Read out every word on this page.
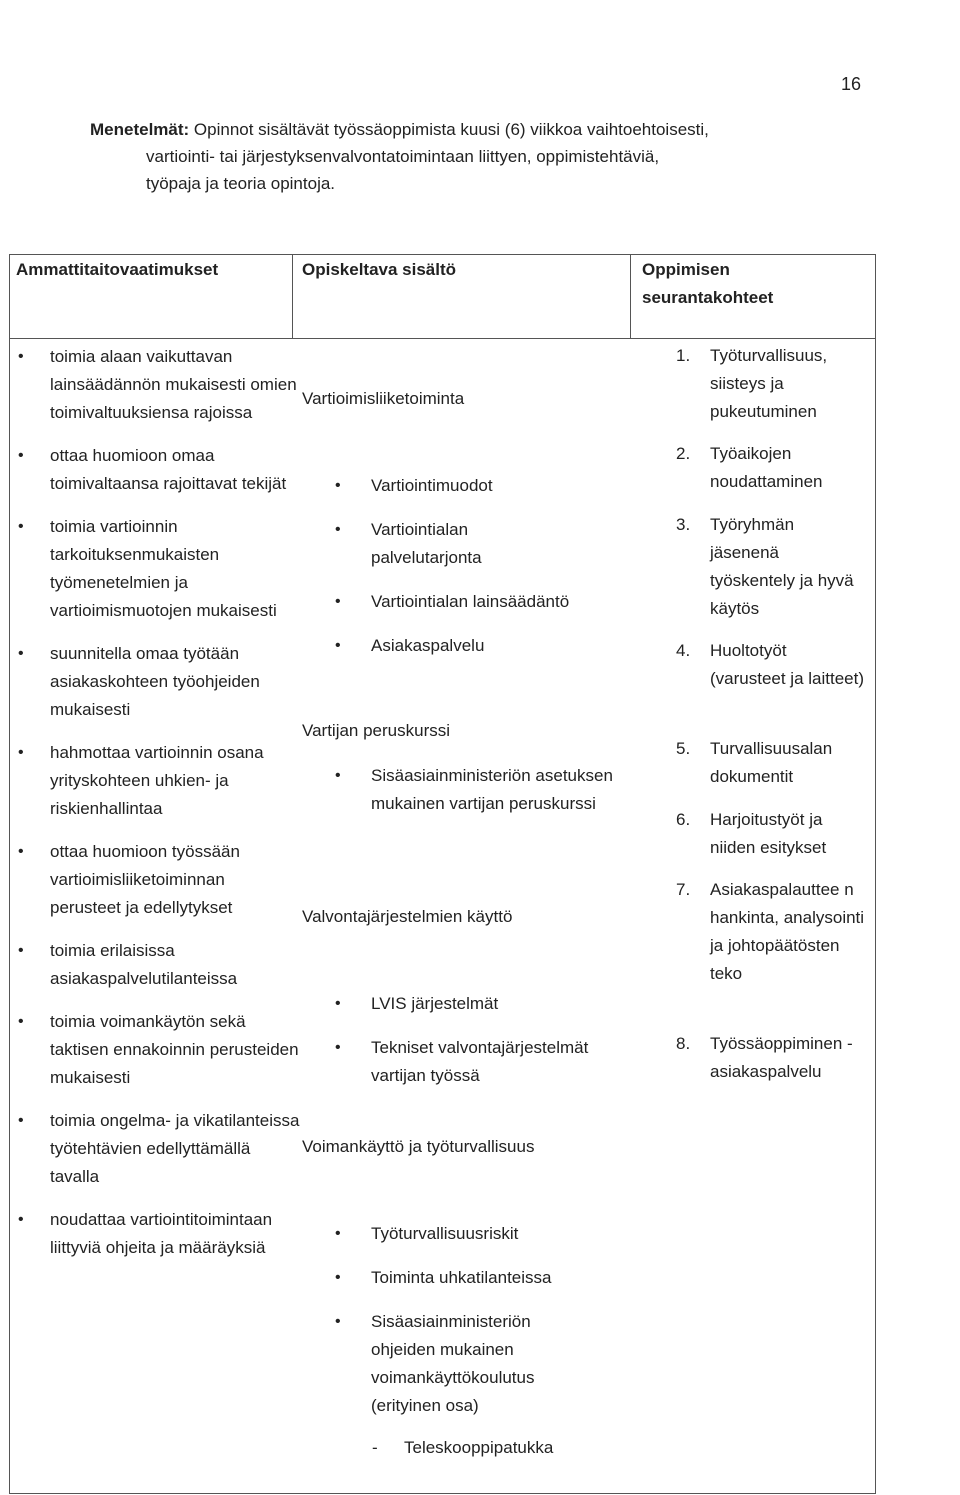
16
Menetelmät: Opinnot sisältävät työssäoppimista kuusi (6) viikkoa vaihtoehtoisesti,
vartiointi- tai järjestyksenvalvontatoimintaan liittyen, oppimistehtäviä,
työpaja ja teoria opintoja.
Ammattitaitovaatimukset	Opiskeltava sisältö	Oppimisen
seurantakohteet
• toimia alaan vaikuttavan lainsäädännön mukaisesti omien toimivaltuuksiensa rajoissa
• ottaa huomioon omaa toimivaltaansa rajoittavat tekijät
• toimia vartioinnin tarkoituksenmukaisten työmenetelmien ja vartioimismuotojen mukaisesti
• suunnitella omaa työtään asiakaskohteen työohjeiden mukaisesti
• hahmottaa vartioinnin osana yrityskohteen uhkien- ja riskienhallintaa
• ottaa huomioon työssään vartioimisliiketoiminnan perusteet ja edellytykset
• toimia erilaisissa asiakaspalvelutilanteissa
• toimia voimankäytön sekä taktisen ennakoinnin perusteiden mukaisesti
• toimia ongelma- ja vikatilanteissa työtehtävien edellyttämällä tavalla
• noudattaa vartiointitoimintaan liittyviä ohjeita ja määräyksiä
Vartioimisliiketoiminta
• Vartiointimuodot
• Vartiointialan palvelutarjonta
• Vartiointialan lainsäädäntö
• Asiakaspalvelu
Vartijan peruskurssi
• Sisäasiainministeriön asetuksen mukainen vartijan peruskurssi
Valvontajärjestelmien käyttö
• LVIS järjestelmät
• Tekniset valvontajärjestelmät vartijan työssä
Voimankäyttö ja työturvallisuus
• Työturvallisuusriskit
• Toiminta uhkatilanteissa
• Sisäasiainministeriön ohjeiden mukainen voimankäyttökoulutus (erityinen osa)
- Teleskooppipatukka
1. Työturvallisuus, siisteys ja pukeutuminen
2. Työaikojen noudattaminen
3. Työryhmän jäsenenä työskentely ja hyvä käytös
4. Huoltotyöt (varusteet ja laitteet)
5. Turvallisuusalan dokumentit
6. Harjoitustyöt ja niiden esitykset
7. Asiakaspalauttee n hankinta, analysointi ja johtopäätösten teko
8. Työssäoppiminen -asiakaspalvelu
